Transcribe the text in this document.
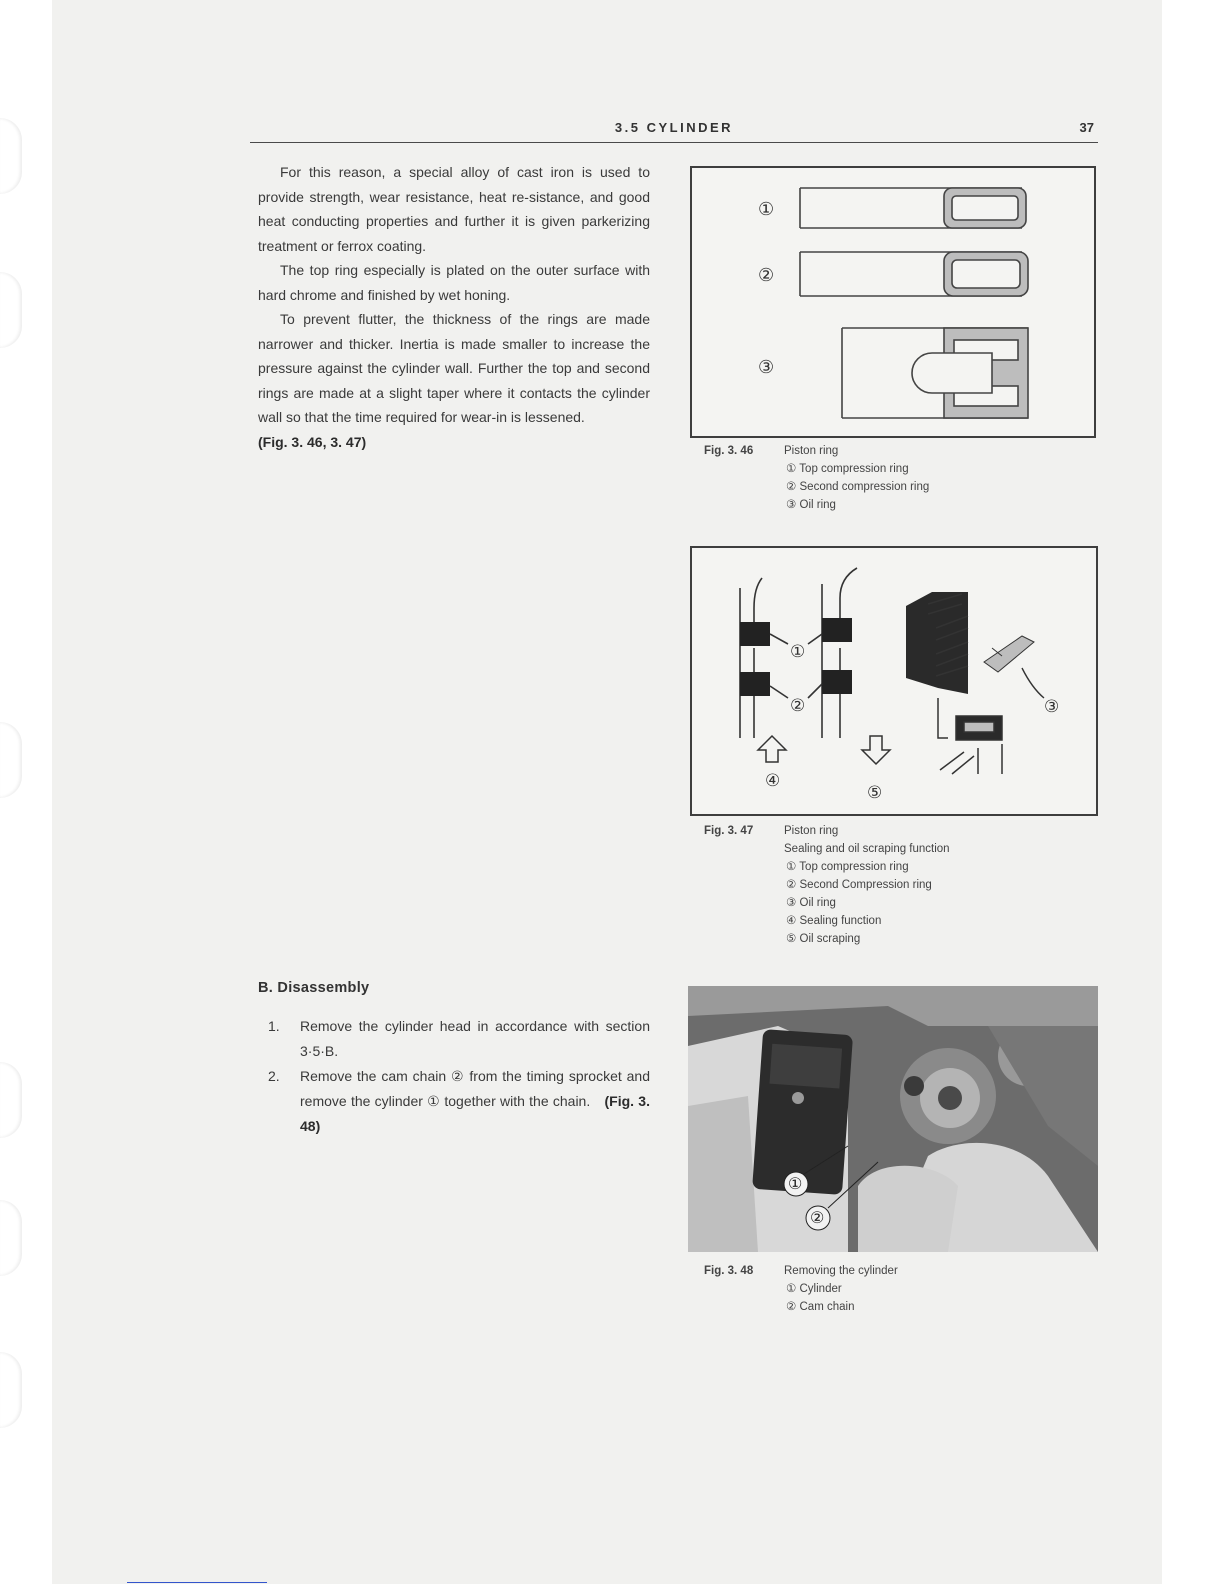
3.5 CYLINDER	37

For this reason, a special alloy of cast iron is used to provide strength, wear resistance, heat re-sistance, and good heat conducting properties and further it is given parkerizing treatment or ferrox coating.

The top ring especially is plated on the outer surface with hard chrome and finished by wet honing.

To prevent flutter, the thickness of the rings are made narrower and thicker. Inertia is made smaller to increase the pressure against the cylinder wall. Further the top and second rings are made at a slight taper where it contacts the cylinder wall so that the time required for wear-in is lessened.

(Fig. 3. 46, 3. 47)
B. Disassembly
1.	Remove the cylinder head in accordance with section 3·5·B.
2.	Remove the cam chain ② from the timing sprocket and remove the cylinder ① together with the chain. (Fig. 3. 48)
①
②
③
Fig. 3. 46	Piston ring
① Top compression ring
② Second compression ring
③ Oil ring
①
②	③
④
⑤
Fig. 3. 47	Piston ring
Sealing and oil scraping function
① Top compression ring
② Second Compression ring
③ Oil ring
④ Sealing function
⑤ Oil scraping
①
②
Fig. 3. 48	Removing the cylinder
① Cylinder
② Cam chain
